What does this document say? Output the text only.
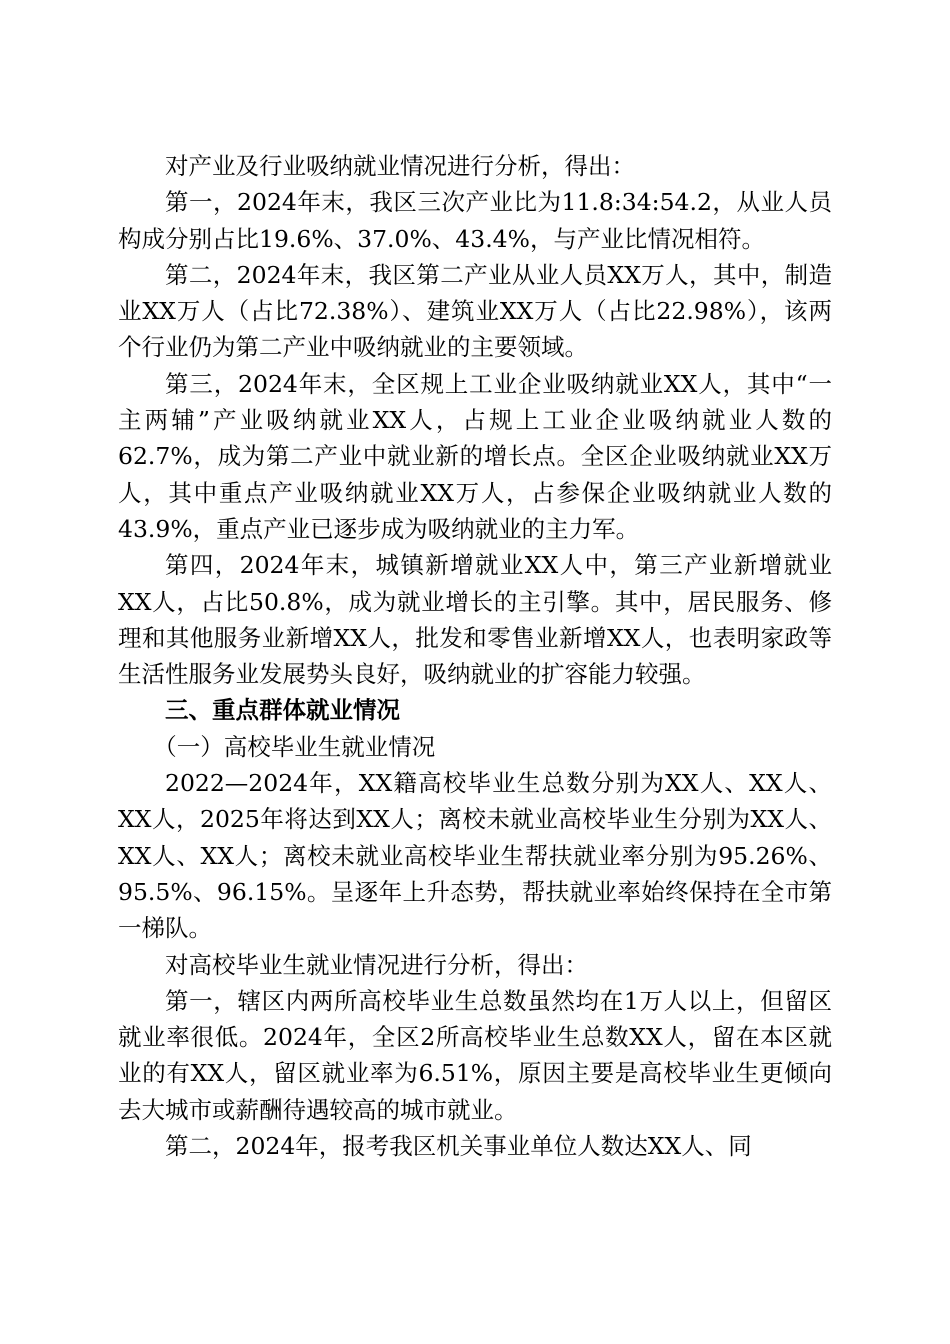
对产业及行业吸纳就业情况进行分析，得出：

第一，2024年末，我区三次产业比为11.8:34:54.2，从业人员构成分别占比19.6%、37.0%、43.4%，与产业比情况相符。

第二，2024年末，我区第二产业从业人员XX万人，其中，制造业XX万人（占比72.38%）、建筑业XX万人（占比22.98%），该两个行业仍为第二产业中吸纳就业的主要领域。

第三，2024年末，全区规上工业企业吸纳就业XX人，其中“一主两辅”产业吸纳就业XX人，占规上工业企业吸纳就业人数的62.7%，成为第二产业中就业新的增长点。全区企业吸纳就业XX万人，其中重点产业吸纳就业XX万人，占参保企业吸纳就业人数的43.9%，重点产业已逐步成为吸纳就业的主力军。

第四，2024年末，城镇新增就业XX人中，第三产业新增就业XX人，占比50.8%，成为就业增长的主引擎。其中，居民服务、修理和其他服务业新增XX人，批发和零售业新增XX人，也表明家政等生活性服务业发展势头良好，吸纳就业的扩容能力较强。

三、重点群体就业情况

（一）高校毕业生就业情况

2022—2024年，XX籍高校毕业生总数分别为XX人、XX人、XX人，2025年将达到XX人；离校未就业高校毕业生分别为XX人、XX人、XX人；离校未就业高校毕业生帮扶就业率分别为95.26%、95.5%、96.15%。呈逐年上升态势，帮扶就业率始终保持在全市第一梯队。

对高校毕业生就业情况进行分析，得出：

第一，辖区内两所高校毕业生总数虽然均在1万人以上，但留区就业率很低。2024年，全区2所高校毕业生总数XX人，留在本区就业的有XX人，留区就业率为6.51%，原因主要是高校毕业生更倾向去大城市或薪酬待遇较高的城市就业。

第二，2024年，报考我区机关事业单位人数达XX人、同
